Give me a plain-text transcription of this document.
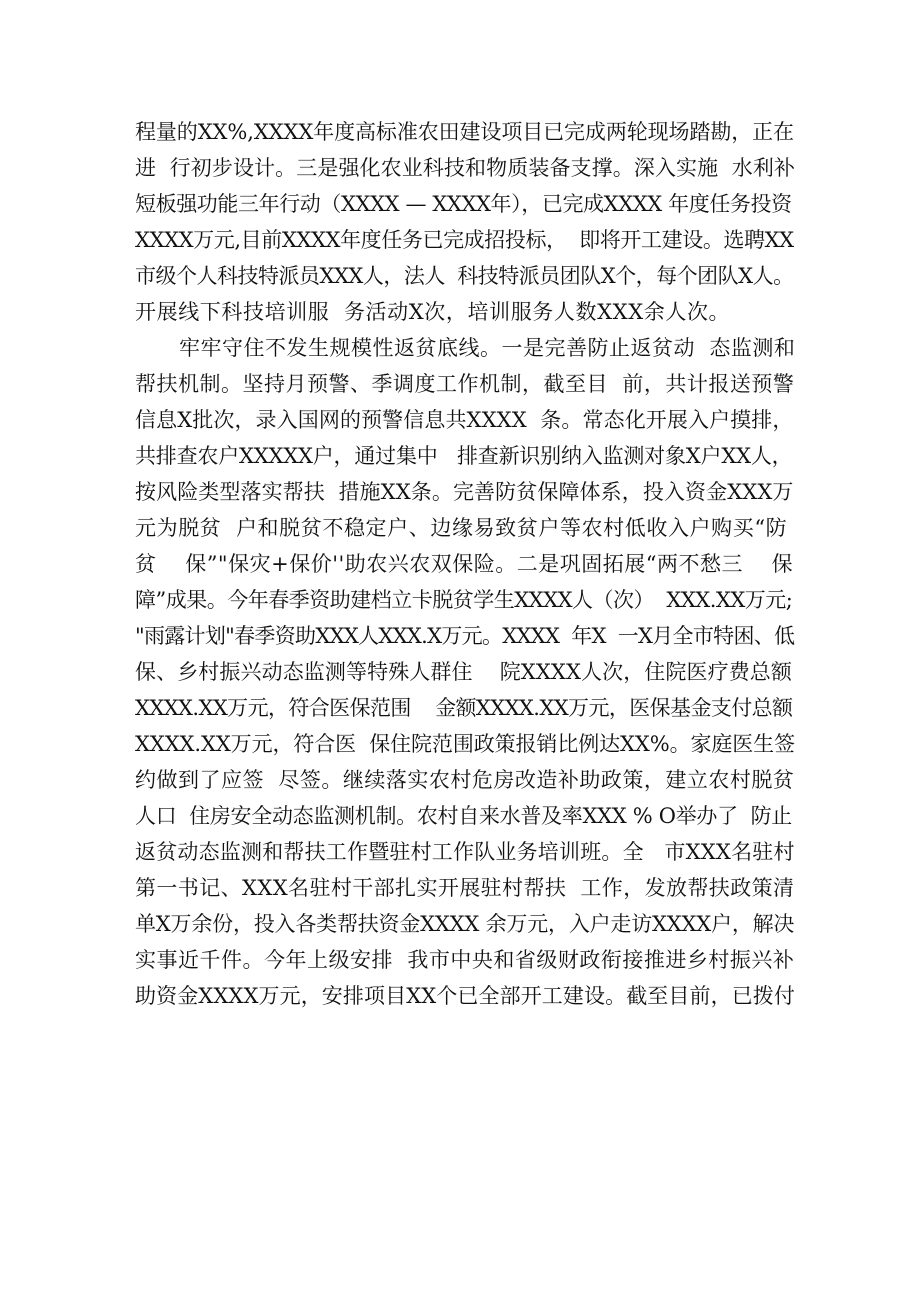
程量的XX%,XXXX年度高标准农田建设项目已完成两轮现场踏勘，正在
进  行初步设计。三是强化农业科技和物质装备支撑。深入实施  水利补
短板强功能三年行动（XXXX — XXXX年），已完成XXXX 年度任务投资
XXXX万元,目前XXXX年度任务已完成招投标，  即将开工建设。选聘XX
市级个人科技特派员XXX人，法人  科技特派员团队X个，每个团队X人。
开展线下科技培训服  务活动X次，培训服务人数XXX余人次。
牢牢守住不发生规模性返贫底线。一是完善防止返贫动  态监测和
帮扶机制。坚持月预警、季调度工作机制，截至目  前，共计报送预警
信息X批次，录入国网的预警信息共XXXX  条。常态化开展入户摸排，
共排查农户XXXXX户，通过集中   排查新识别纳入监测对象X户XX人，
按风险类型落实帮扶  措施XX条。完善防贫保障体系，投入资金XXX万
元为脱贫  户和脱贫不稳定户、边缘易致贫户等农村低收入户购买“防
贫    保”"保灾+保价''助农兴农双保险。二是巩固拓展“两不愁三    保
障”成果。今年春季资助建档立卡脱贫学生XXXX人（次）  XXX.XX万元;
"雨露计划"春季资助XXX人XXX.X万元。XXXX  年X  一X月全市特困、低
保、乡村振兴动态监测等特殊人群住    院XXXX人次，住院医疗费总额
XXXX.XX万元，符合医保范围    金额XXXX.XX万元，医保基金支付总额
XXXX.XX万元，符合医  保住院范围政策报销比例达XX%。家庭医生签
约做到了应签  尽签。继续落实农村危房改造补助政策，建立农村脱贫
人口  住房安全动态监测机制。农村自来水普及率XXX % O举办了  防止
返贫动态监测和帮扶工作暨驻村工作队业务培训班。全   市XXX名驻村
第一书记、XXX名驻村干部扎实开展驻村帮扶  工作，发放帮扶政策清
单X万余份，投入各类帮扶资金XXXX 余万元，入户走访XXXX户，解决
实事近千件。今年上级安排  我市中央和省级财政衔接推进乡村振兴补
助资金XXXX万元，安排项目XX个已全部开工建设。截至目前，已拨付
